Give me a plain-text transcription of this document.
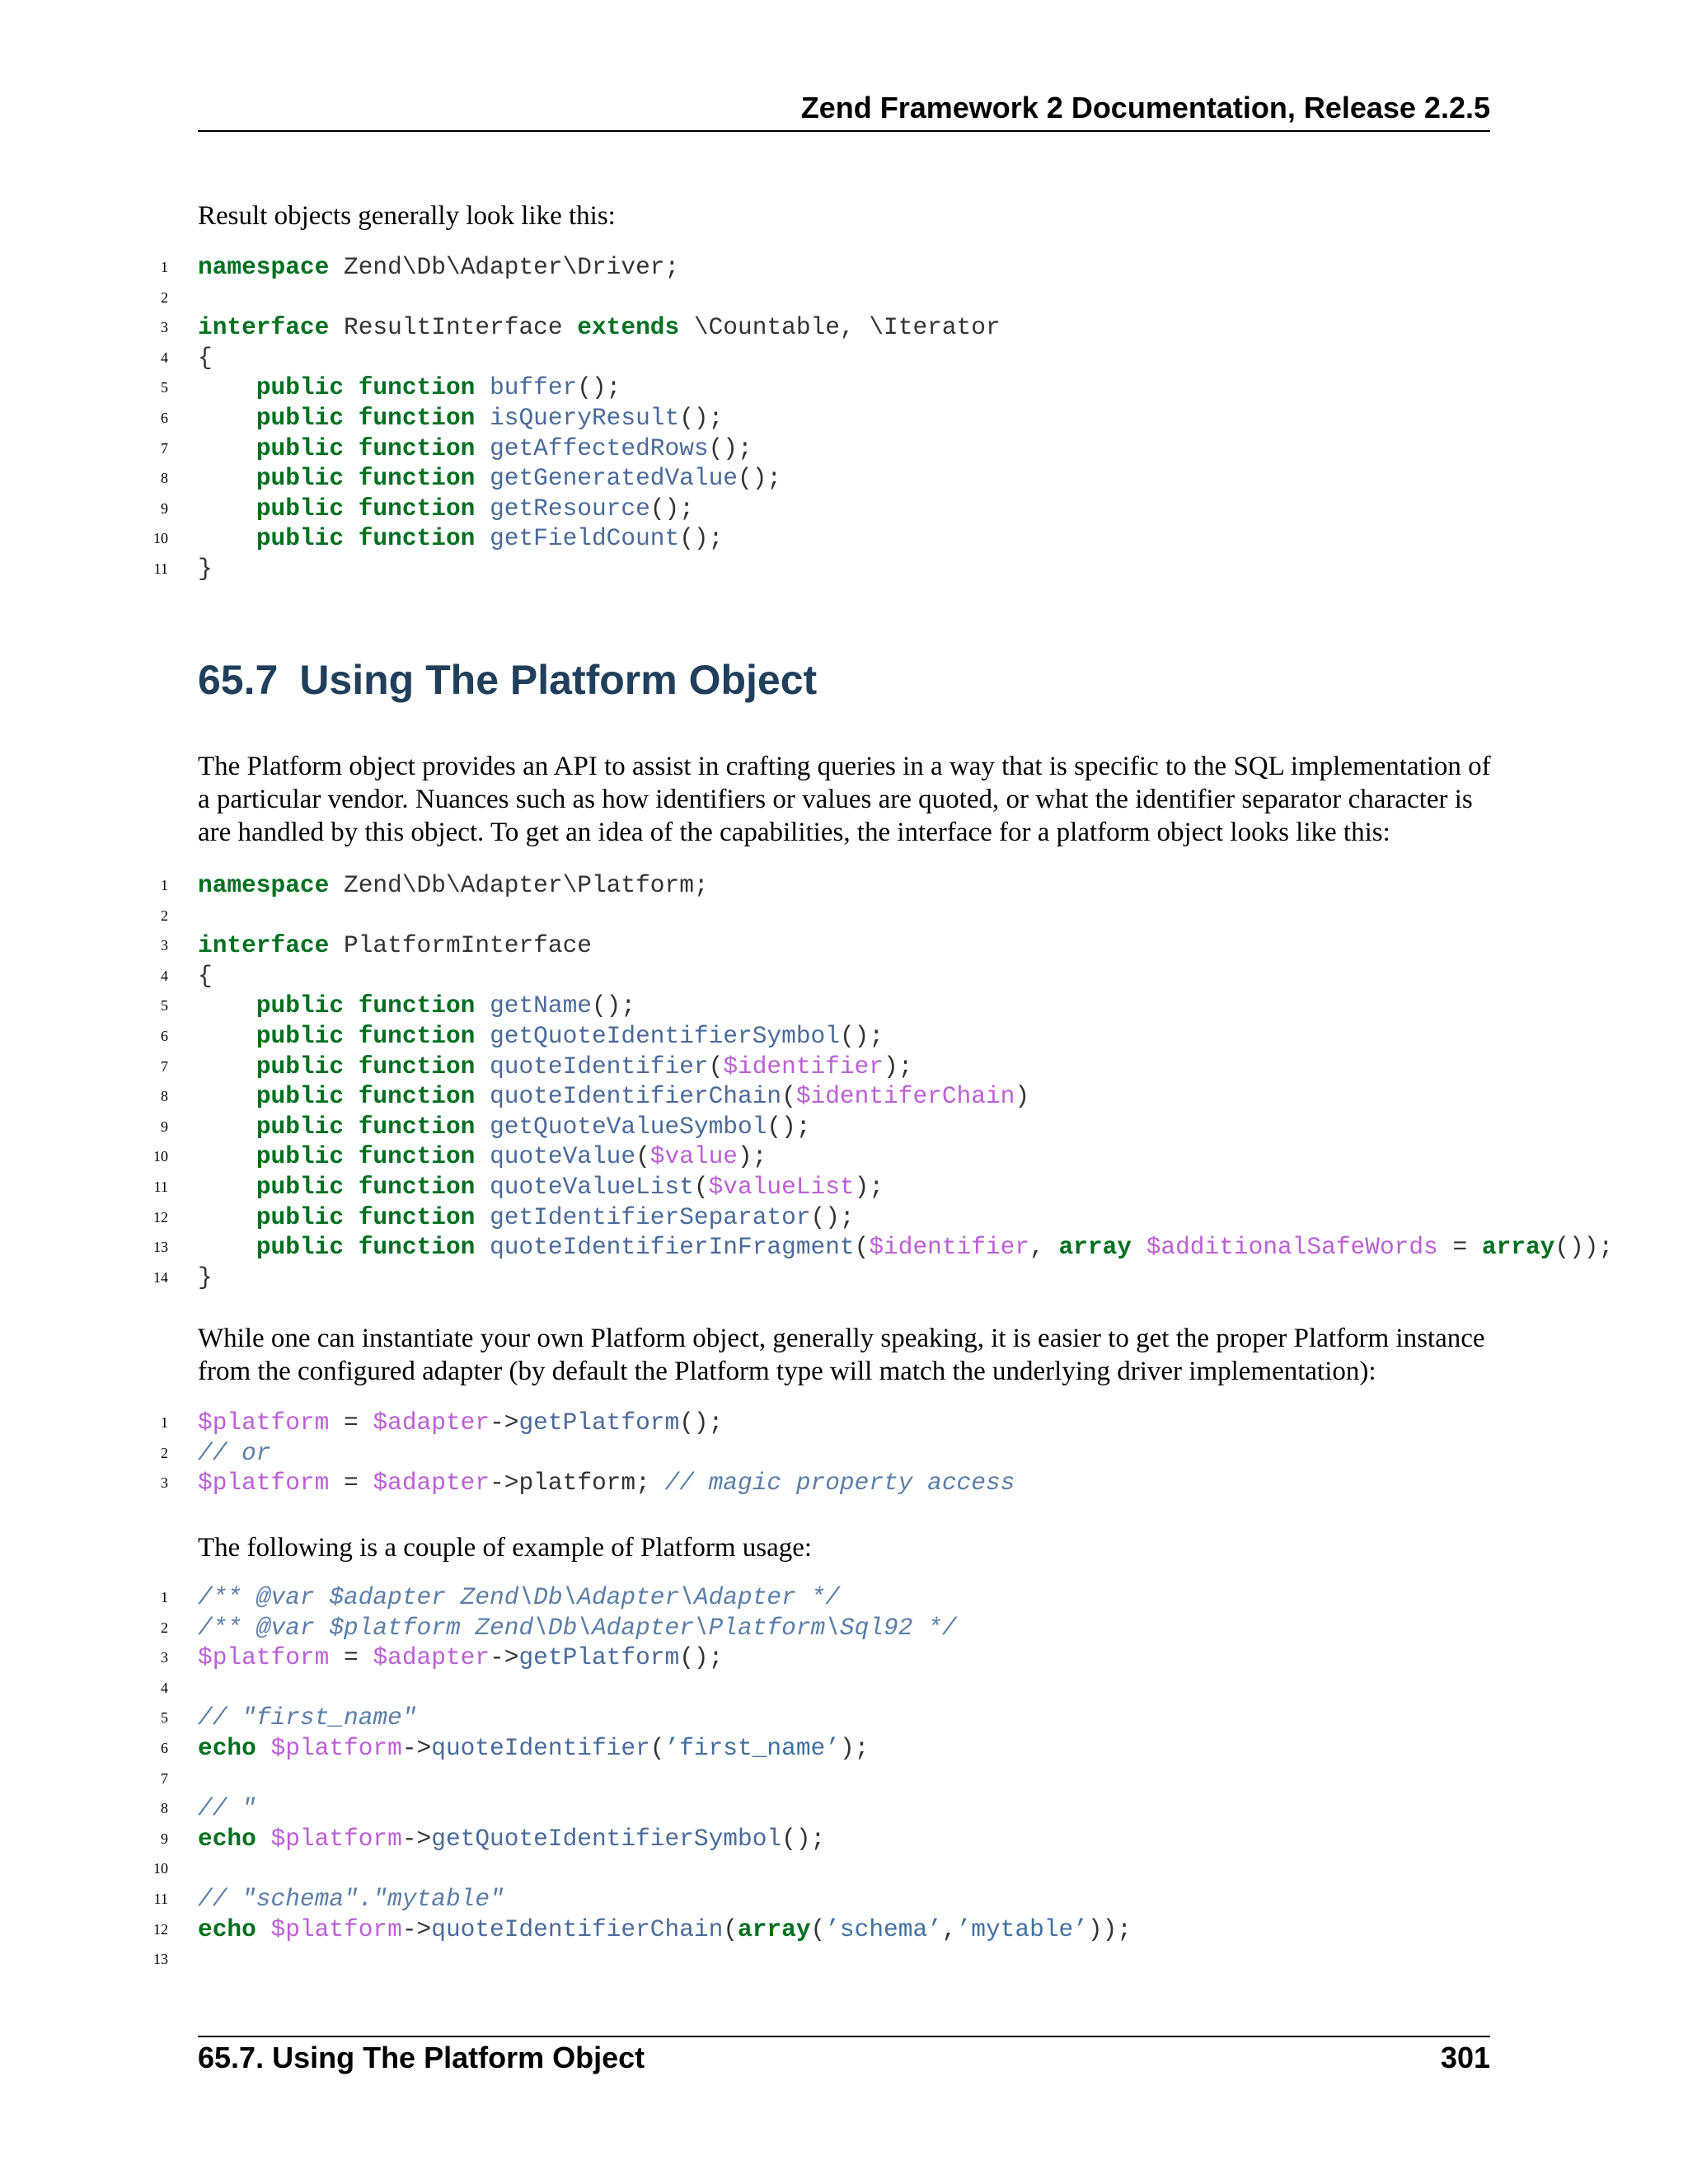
Zend Framework 2 Documentation, Release 2.2.5
Result objects generally look like this:
1 namespace Zend\Db\Adapter\Driver;
2
3 interface ResultInterface extends \Countable, \Iterator
4 {
5	public function buffer();
6	public function isQueryResult();
7	public function getAffectedRows();
8	public function getGeneratedValue();
9	public function getResource();
10	public function getFieldCount();
11 }
65.7 Using The Platform Object
The Platform object provides an API to assist in crafting queries in a way that is specific to the SQL implementation of a particular vendor. Nuances such as how identifiers or values are quoted, or what the identifier separator character is are handled by this object. To get an idea of the capabilities, the interface for a platform object looks like this:
1 namespace Zend\Db\Adapter\Platform;
2
3 interface PlatformInterface
4 {
5	public function getName();
6	public function getQuoteIdentifierSymbol();
7	public function quoteIdentifier($identifier);
8	public function quoteIdentifierChain($identiferChain)
9	public function getQuoteValueSymbol();
10	public function quoteValue($value);
11	public function quoteValueList($valueList);
12	public function getIdentifierSeparator();
13	public function quoteIdentifierInFragment($identifier, array $additionalSafeWords = array());
14 }
While one can instantiate your own Platform object, generally speaking, it is easier to get the proper Platform instance from the configured adapter (by default the Platform type will match the underlying driver implementation):
1 $platform = $adapter->getPlatform();
2 // or
3 $platform = $adapter->platform; // magic property access
The following is a couple of example of Platform usage:
1 /** @var $adapter Zend\Db\Adapter\Adapter */
2 /** @var $platform Zend\Db\Adapter\Platform\Sql92 */
3 $platform = $adapter->getPlatform();
4
5 // "first_name"
6 echo $platform->quoteIdentifier(’first_name’);
7
8 // "
9 echo $platform->getQuoteIdentifierSymbol();
10
11 // "schema"."mytable"
12 echo $platform->quoteIdentifierChain(array(’schema’,’mytable’));
13
65.7. Using The Platform Object	301
